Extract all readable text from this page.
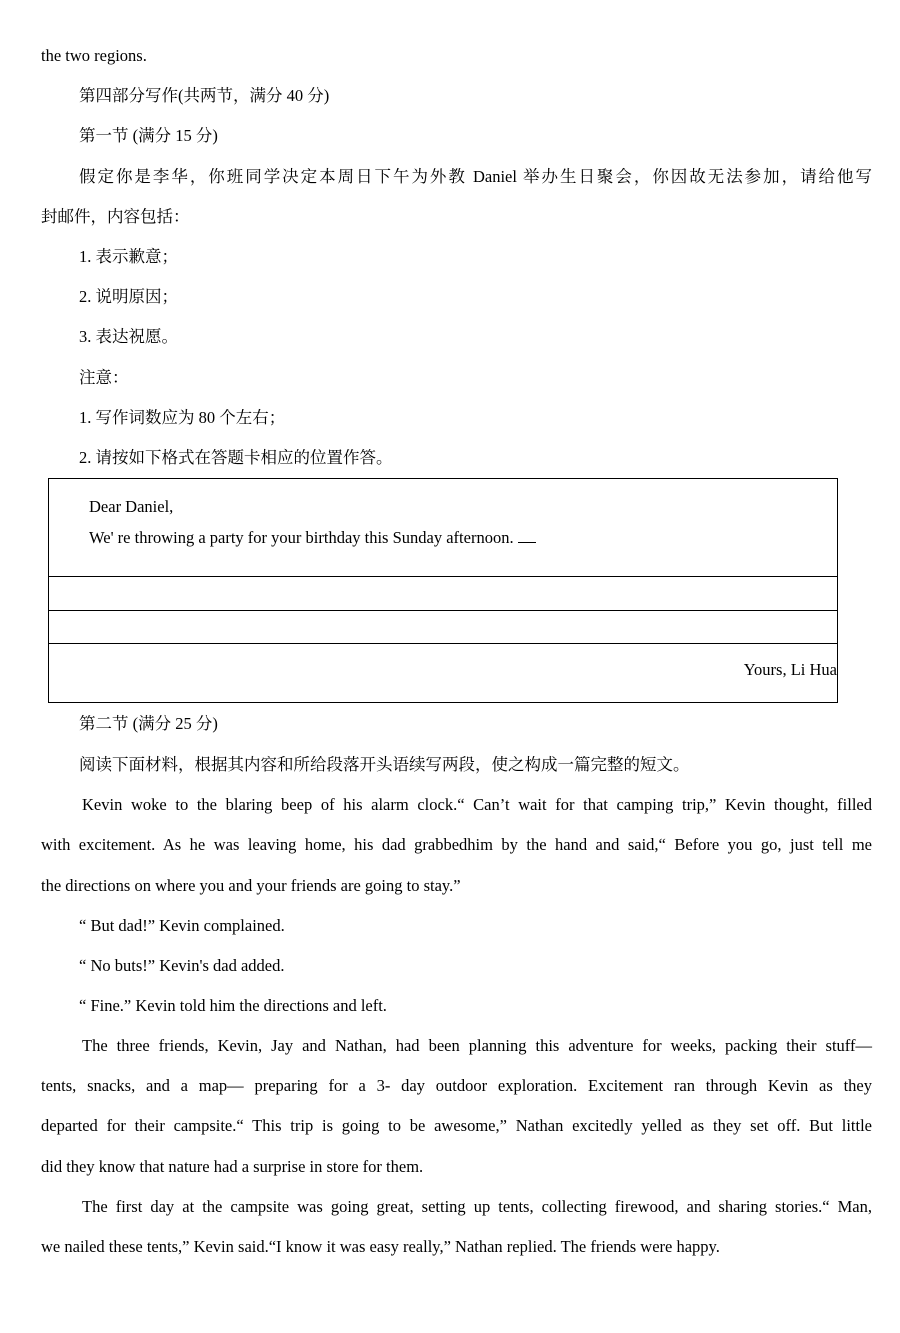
the two regions.
第四部分写作(共两节，满分 40 分)
第一节 (满分 15 分)
假定你是李华，你班同学决定本周日下午为外教 Daniel 举办生日聚会，你因故无法参加，请给他写
封邮件，内容包括：
1. 表示歉意；
2. 说明原因；
3. 表达祝愿。
注意：
1. 写作词数应为 80 个左右；
2. 请按如下格式在答题卡相应的位置作答。
Dear Daniel,
We' re throwing a party for your birthday this Sunday afternoon.
Yours, Li Hua
第二节 (满分 25 分)
阅读下面材料，根据其内容和所给段落开头语续写两段，使之构成一篇完整的短文。
Kevin woke to the blaring beep of his alarm clock.“ Can’t wait for that camping trip,” Kevin thought, filled
with excitement. As he was leaving home, his dad grabbedhim by the hand and said,“ Before you go, just tell me
the directions on where you and your friends are going to stay.”
“ But dad!” Kevin complained.
“ No buts!” Kevin's dad added.
“ Fine.” Kevin told him the directions and left.
The three friends, Kevin, Jay and Nathan, had been planning this adventure for weeks, packing their stuff—
tents, snacks, and a map— preparing for a 3- day outdoor exploration. Excitement ran through Kevin as they
departed for their campsite.“ This trip is going to be awesome,” Nathan excitedly yelled as they set off. But little
did they know that nature had a surprise in store for them.
The first day at the campsite was going great, setting up tents, collecting firewood, and sharing stories.“ Man,
we nailed these tents,” Kevin said.“I know it was easy really,” Nathan replied. The friends were happy.
